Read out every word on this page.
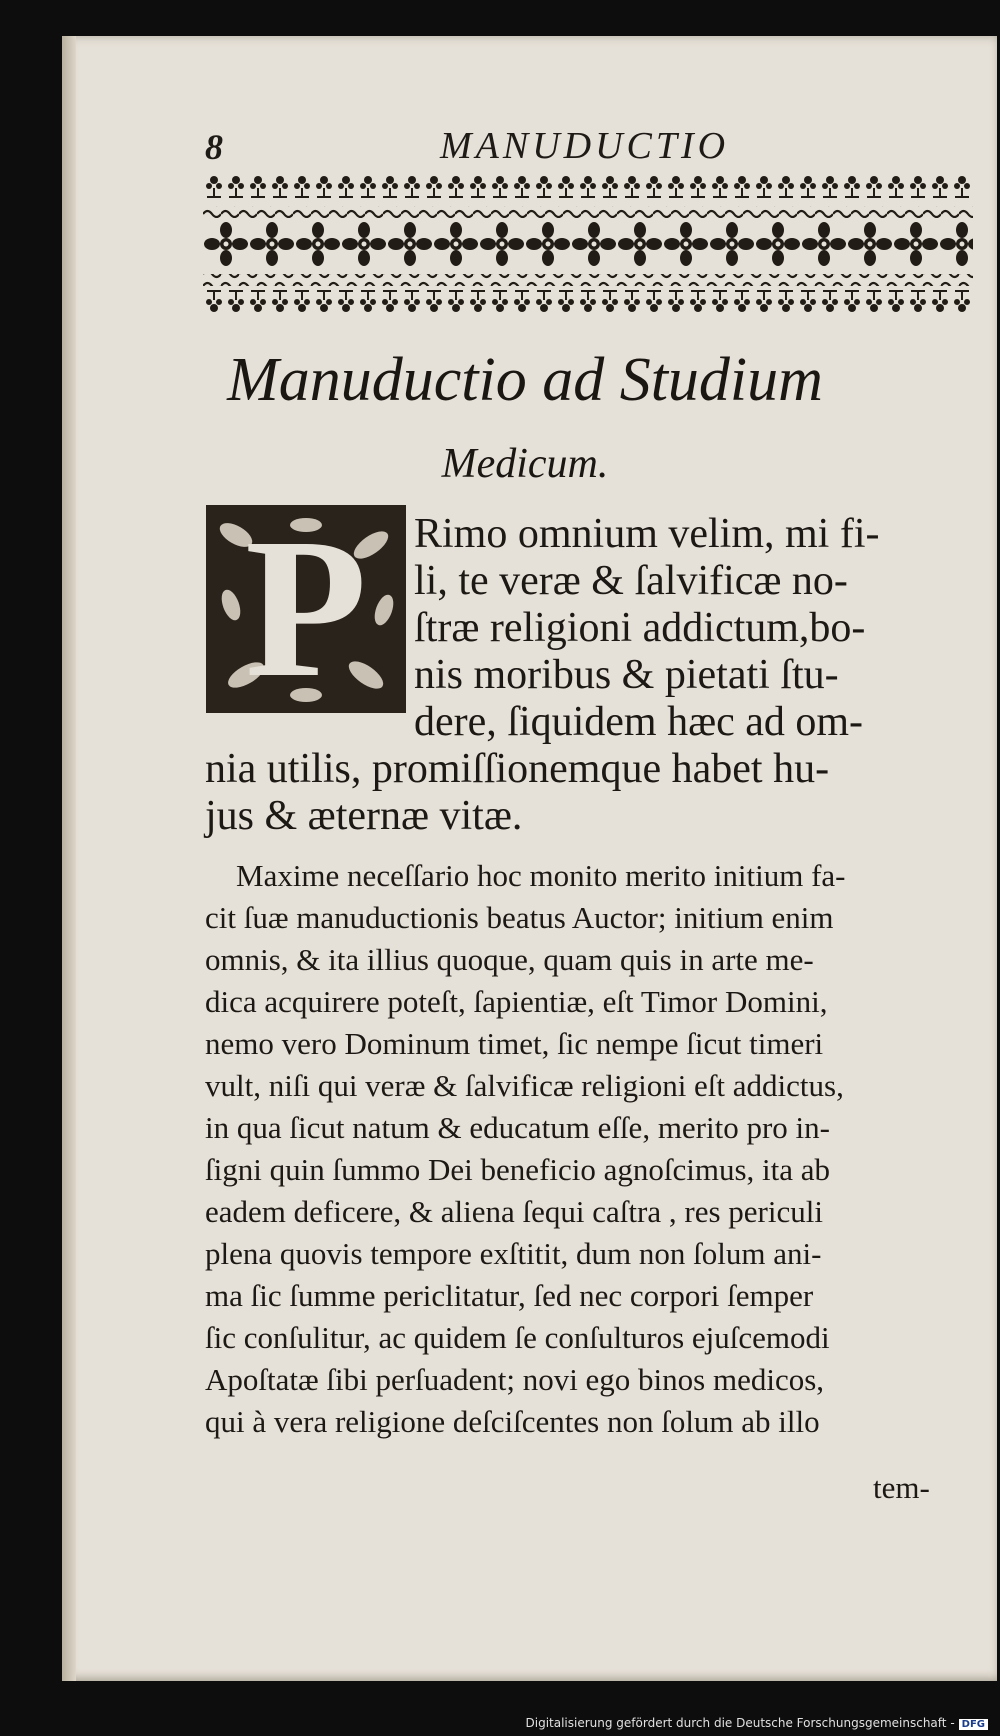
8	MANUDUCTIO
Manuductio ad Studium
Medicum.
P	Rimo omnium velim, mi fi-
li, te veræ & ſalvificæ no-
ſtræ religioni addictum,bo-
nis moribus & pietati ſtu-
dere, ſiquidem hæc ad om-
nia utilis, promiſſionemque habet hu-
jus & æternæ vitæ.
Maxime neceſſario hoc monito merito initium fa-
cit ſuæ manuductionis beatus Auctor; initium enim
omnis, & ita illius quoque, quam quis in arte me-
dica acquirere poteſt, ſapientiæ, eſt Timor Domini,
nemo vero Dominum timet, ſic nempe ſicut timeri
vult, niſi qui veræ & ſalvificæ religioni eſt addictus,
in qua ſicut natum & educatum eſſe, merito pro in-
ſigni quin ſummo Dei beneficio agnoſcimus, ita ab
eadem deficere, & aliena ſequi caſtra , res periculi
plena quovis tempore exſtitit, dum non ſolum ani-
ma ſic ſumme periclitatur, ſed nec corpori ſemper
ſic conſulitur, ac quidem ſe conſulturos ejuſcemodi
Apoſtatæ ſibi perſuadent; novi ego binos medicos,
qui à vera religione deſciſcentes non ſolum ab illo
tem-
Digitalisierung gefördert durch die Deutsche Forschungsgemeinschaft - DFG
